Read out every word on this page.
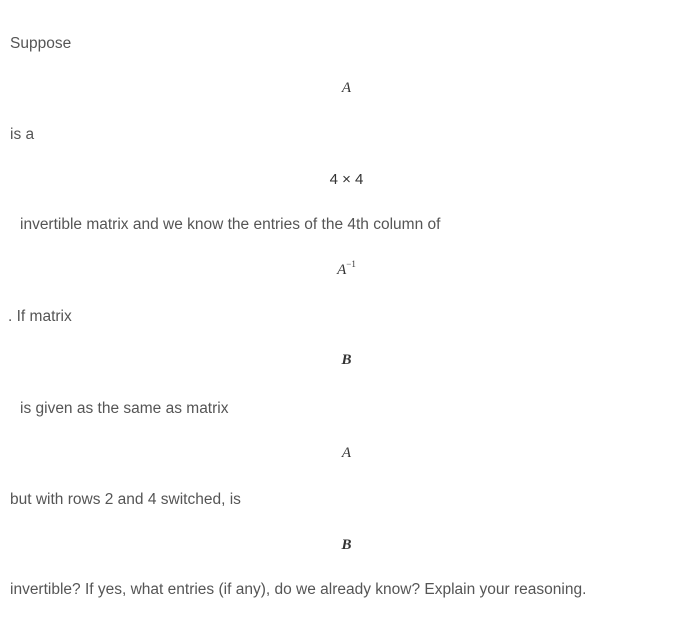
Suppose
A
is a
4 × 4
invertible matrix and we know the entries of the 4th column of
$A^{-1}$
. If matrix
B
is given as the same as matrix
A
but with rows 2 and 4 switched, is
B
invertible? If yes, what entries (if any), do we already know? Explain your reasoning.
